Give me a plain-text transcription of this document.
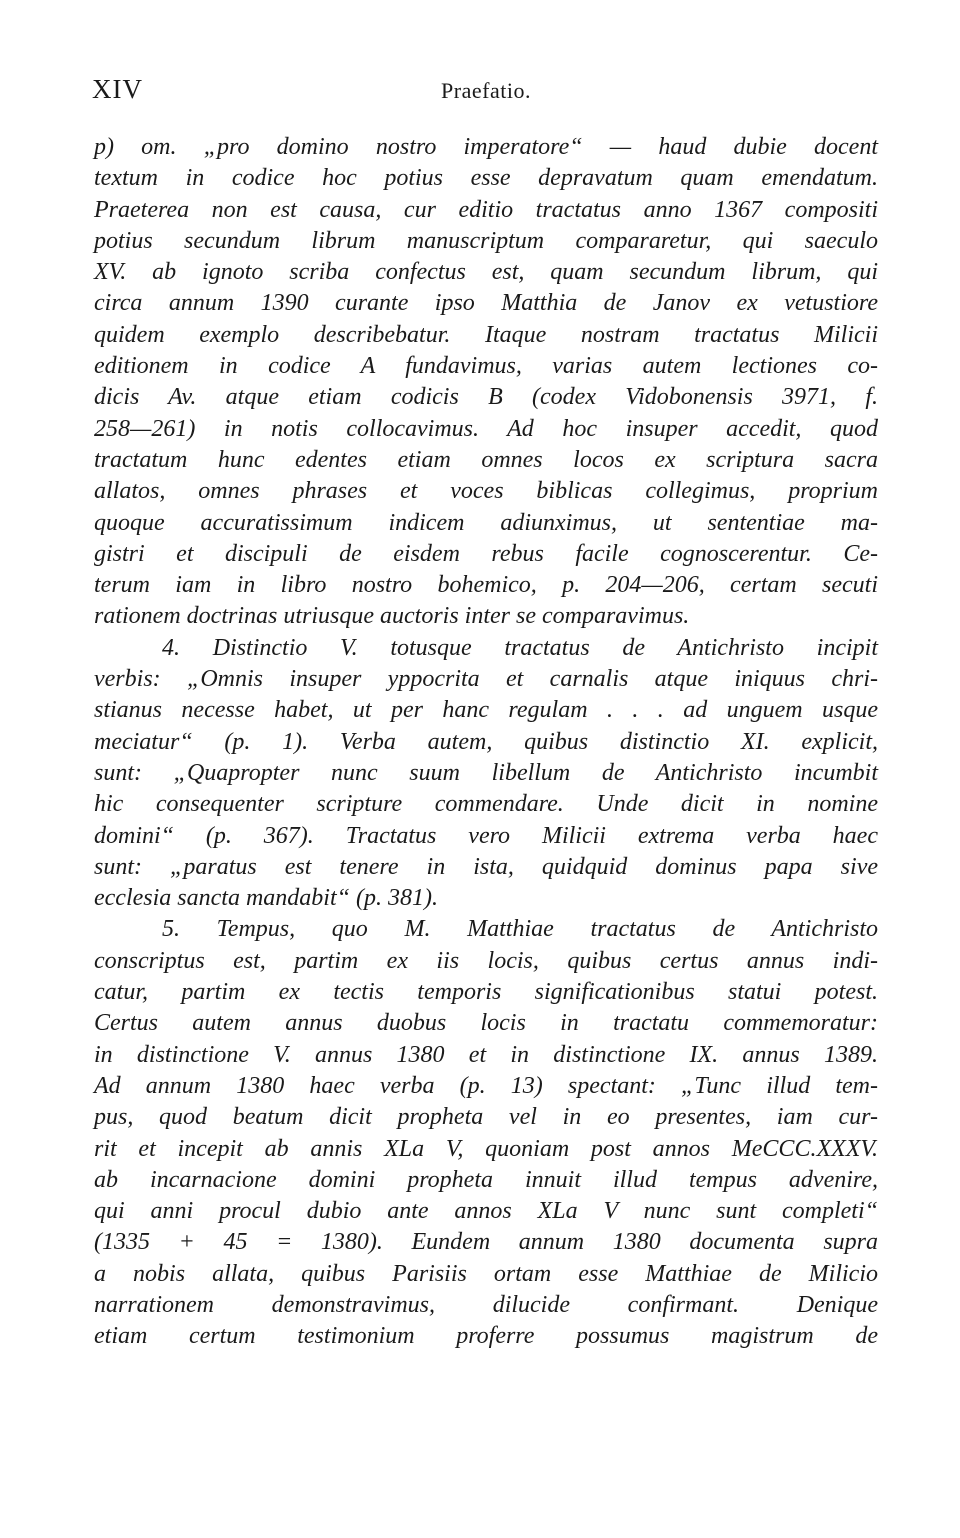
XIV	Praefatio.
p) om. „pro domino nostro imperatore“ — haud dubie docent
textum in codice hoc potius esse depravatum quam emendatum.
Praeterea non est causa, cur editio tractatus anno 1367 compositi
potius secundum librum manuscriptum compararetur, qui saeculo
XV. ab ignoto scriba confectus est, quam secundum librum, qui
circa annum 1390 curante ipso Matthia de Janov ex vetustiore
quidem exemplo describebatur. Itaque nostram tractatus Milicii
editionem in codice A fundavimus, varias autem lectiones co-
dicis Av. atque etiam codicis B (codex Vidobonensis 3971, f.
258—261) in notis collocavimus. Ad hoc insuper accedit, quod
tractatum hunc edentes etiam omnes locos ex scriptura sacra
allatos, omnes phrases et voces biblicas collegimus, proprium
quoque accuratissimum indicem adiunximus, ut sententiae ma-
gistri et discipuli de eisdem rebus facile cognoscerentur. Ce-
terum iam in libro nostro bohemico, p. 204—206, certam secuti
rationem doctrinas utriusque auctoris inter se comparavimus.
4. Distinctio V. totusque tractatus de Antichristo incipit
verbis: „Omnis insuper yppocrita et carnalis atque iniquus chri-
stianus necesse habet, ut per hanc regulam . . . ad unguem usque
meciatur“ (p. 1). Verba autem, quibus distinctio XI. explicit,
sunt: „Quapropter nunc suum libellum de Antichristo incumbit
hic consequenter scripture commendare. Unde dicit in nomine
domini“ (p. 367). Tractatus vero Milicii extrema verba haec
sunt: „paratus est tenere in ista, quidquid dominus papa sive
ecclesia sancta mandabit“ (p. 381).
5. Tempus, quo M. Matthiae tractatus de Antichristo
conscriptus est, partim ex iis locis, quibus certus annus indi-
catur, partim ex tectis temporis significationibus statui potest.
Certus autem annus duobus locis in tractatu commemoratur:
in distinctione V. annus 1380 et in distinctione IX. annus 1389.
Ad annum 1380 haec verba (p. 13) spectant: „Tunc illud tem-
pus, quod beatum dicit propheta vel in eo presentes, iam cur-
rit et incepit ab annis XLa V, quoniam post annos MeCCC.XXXV.
ab incarnacione domini propheta innuit illud tempus advenire,
qui anni procul dubio ante annos XLa V nunc sunt completi“
(1335 + 45 = 1380). Eundem annum 1380 documenta supra
a nobis allata, quibus Parisiis ortam esse Matthiae de Milicio
narrationem demonstravimus, dilucide confirmant. Denique
etiam certum testimonium proferre possumus magistrum de
